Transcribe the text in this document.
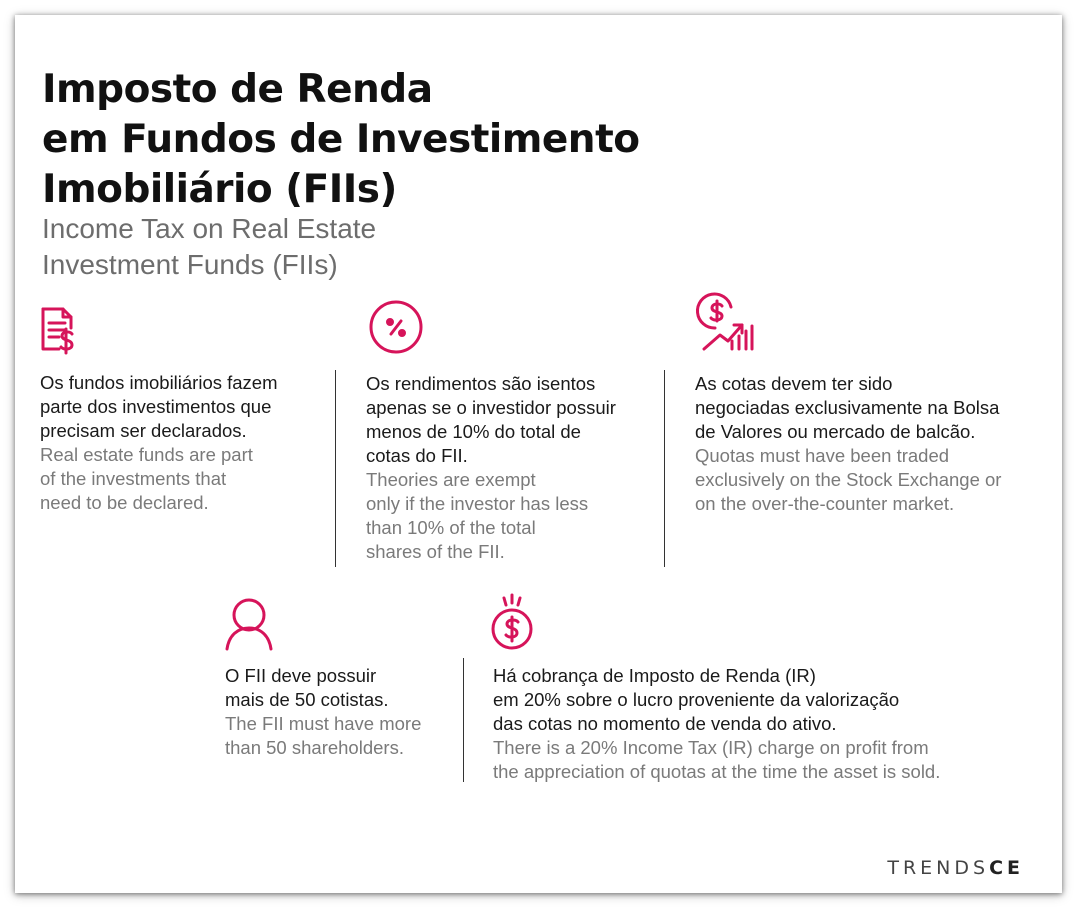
Imposto de Renda
em Fundos de Investimento
Imobiliário (FIIs)
Income Tax on Real Estate
Investment Funds (FIIs)
Os fundos imobiliários fazem
parte dos investimentos que
precisam ser declarados.
Real estate funds are part
of the investments that
need to be declared.
Os rendimentos são isentos
apenas se o investidor possuir
menos de 10% do total de
cotas do FII.
Theories are exempt
only if the investor has less
than 10% of the total
shares of the FII.
As cotas devem ter sido
negociadas exclusivamente na Bolsa
de Valores ou mercado de balcão.
Quotas must have been traded
exclusively on the Stock Exchange or
on the over-the-counter market.
O FII deve possuir
mais de 50 cotistas.
The FII must have more
than 50 shareholders.
Há cobrança de Imposto de Renda (IR)
em 20% sobre o lucro proveniente da valorização
das cotas no momento de venda do ativo.
There is a 20% Income Tax (IR) charge on profit from
the appreciation of quotas at the time the asset is sold.
TRENDSCE
